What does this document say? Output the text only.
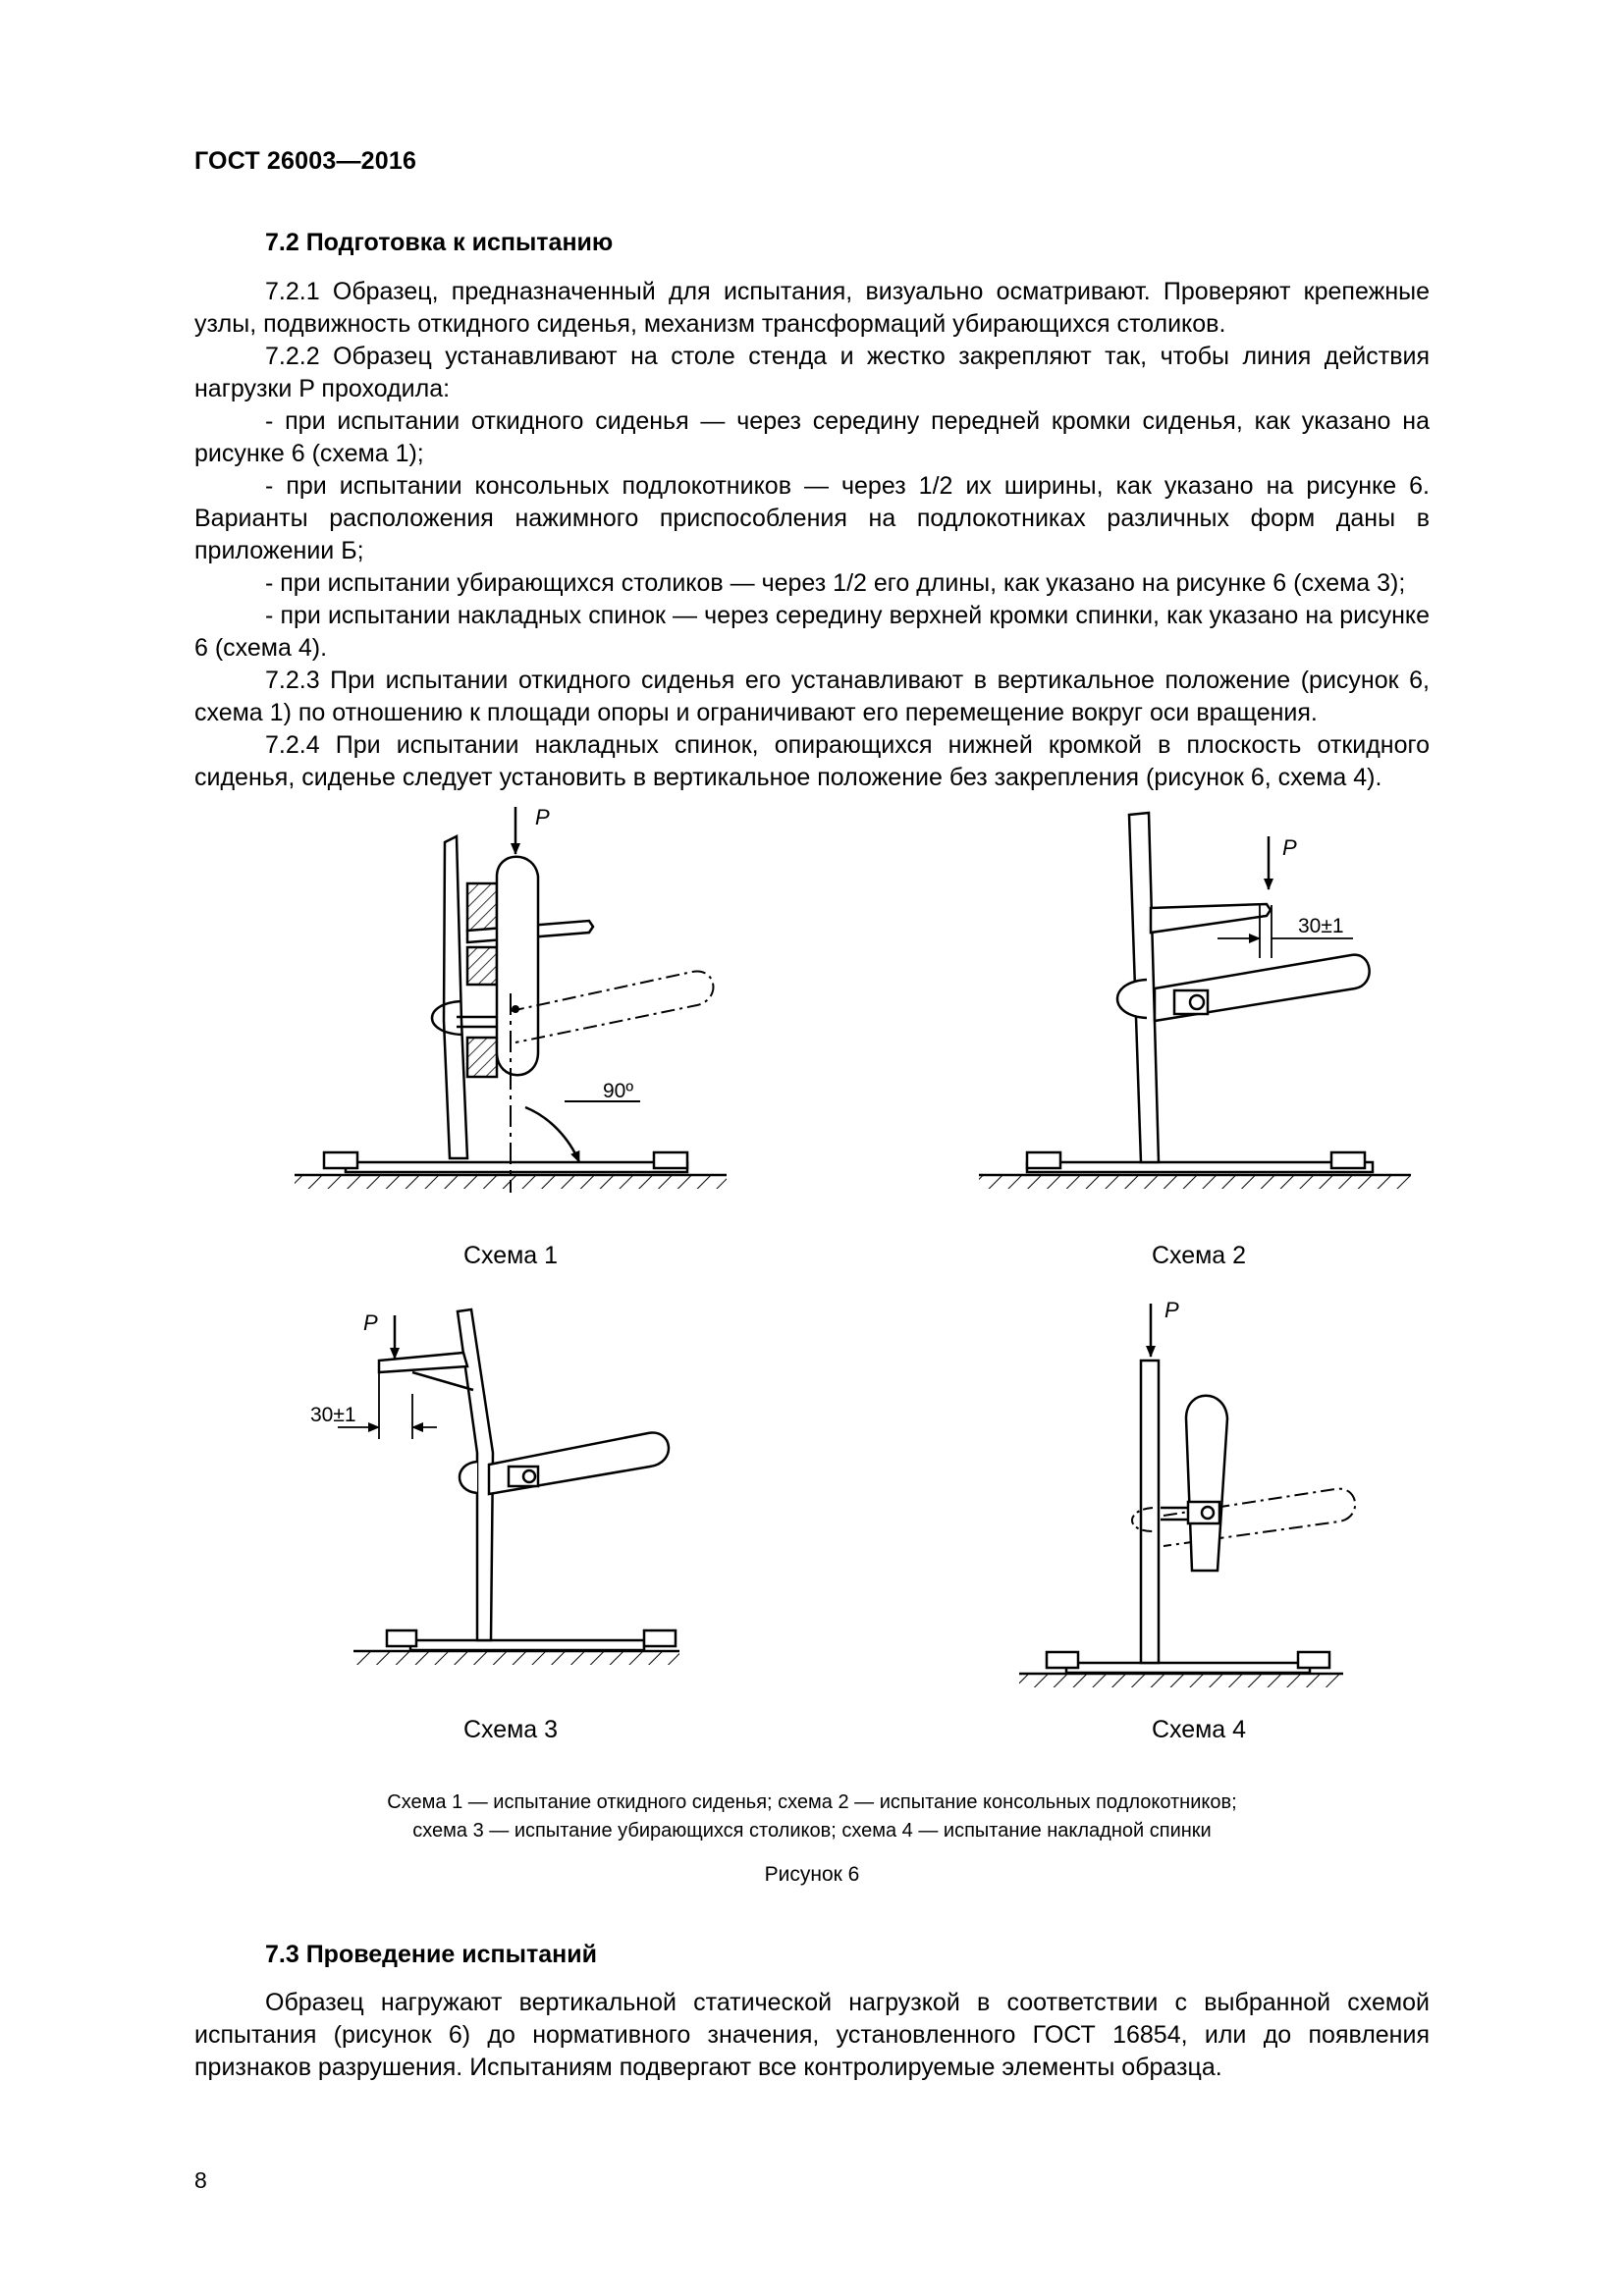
ГОСТ 26003—2016
7.2 Подготовка к испытанию

7.2.1 Образец, предназначенный для испытания, визуально осматривают. Проверяют крепежные узлы, подвижность откидного сиденья, механизм трансформаций убирающихся столиков.

7.2.2 Образец устанавливают на столе стенда и жестко закрепляют так, чтобы линия действия нагрузки P проходила:

- при испытании откидного сиденья — через середину передней кромки сиденья, как указано на рисунке 6 (схема 1);

- при испытании консольных подлокотников — через 1/2 их ширины, как указано на рисунке 6. Варианты расположения нажимного приспособления на подлокотниках различных форм даны в приложении Б;

- при испытании убирающихся столиков — через 1/2 его длины, как указано на рисунке 6 (схема 3);

- при испытании накладных спинок — через середину верхней кромки спинки, как указано на рисунке 6 (схема 4).

7.2.3 При испытании откидного сиденья его устанавливают в вертикальное положение (рисунок 6, схема 1) по отношению к площади опоры и ограничивают его перемещение вокруг оси вращения.

7.2.4 При испытании накладных спинок, опирающихся нижней кромкой в плоскость откидного сиденья, сиденье следует установить в вертикальное положение без закрепления (рисунок 6, схема 4).

P
90º
P
30±1
P
30±1
P
Схема 1	Схема 2
Схема 3	Схема 4
Схема 1 — испытание откидного сиденья; схема 2 — испытание консольных подлокотников;
схема 3 — испытание убирающихся столиков; схема 4 — испытание накладной спинки
Рисунок 6
7.3 Проведение испытаний

Образец нагружают вертикальной статической нагрузкой в соответствии с выбранной схемой испытания (рисунок 6) до нормативного значения, установленного ГОСТ 16854, или до появления признаков разрушения. Испытаниям подвергают все контролируемые элементы образца.

8
